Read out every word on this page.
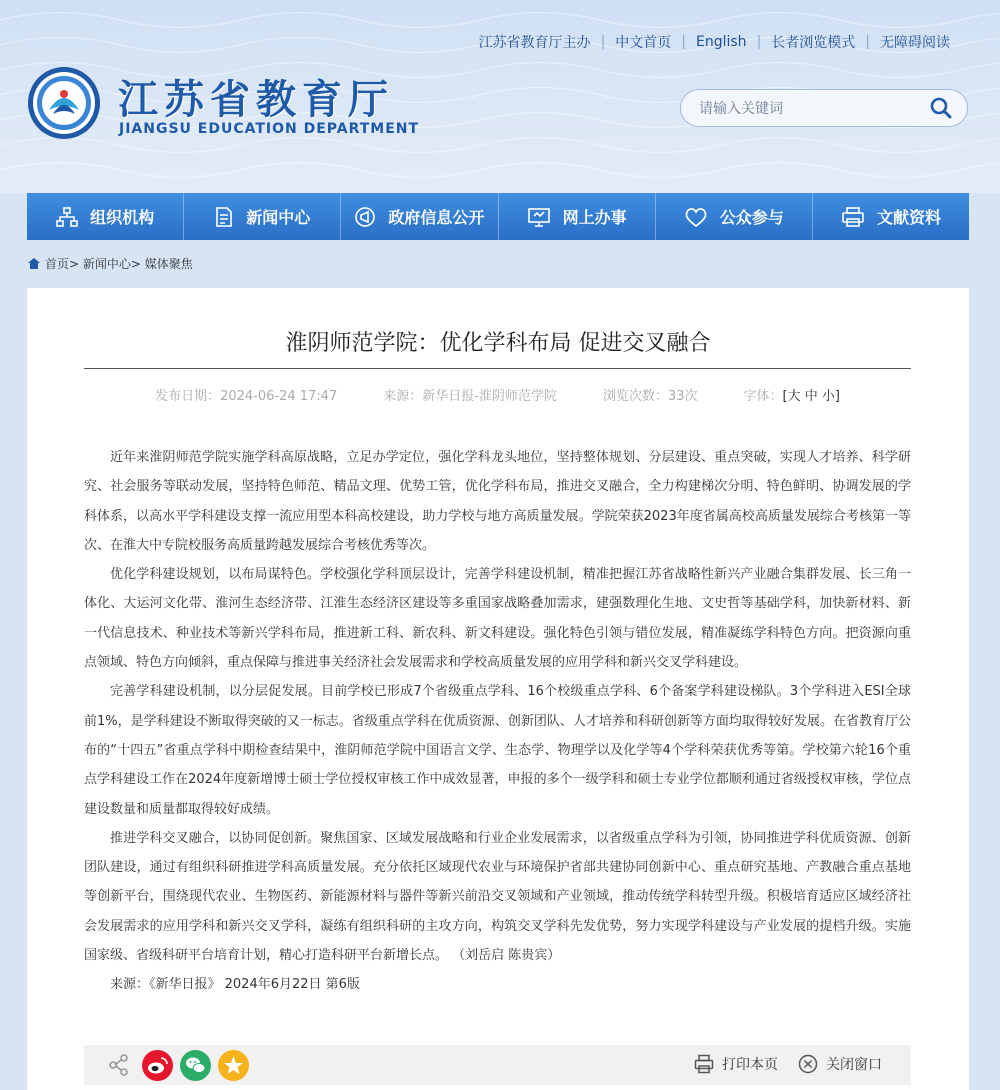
江苏省教育厅主办 | 中文首页 | English | 长者浏览模式 | 无障碍阅读
江苏省教育厅
JIANGSU EDUCATION DEPARTMENT
请输入关键词
组织机构	新闻中心	政府信息公开	网上办事	公众参与	文献资料
首页> 新闻中心> 媒体聚焦
淮阴师范学院：优化学科布局 促进交叉融合
发布日期：2024-06-24 17:47	来源：新华日报-淮阴师范学院	浏览次数：33次	字体：[大 中 小]

近年来淮阴师范学院实施学科高原战略，立足办学定位，强化学科龙头地位，坚持整体规划、分层建设、重点突破，实现人才培养、科学研究、社会服务等联动发展，坚持特色师范、精品文理、优势工管，优化学科布局，推进交叉融合，全力构建梯次分明、特色鲜明、协调发展的学科体系，以高水平学科建设支撑一流应用型本科高校建设，助力学校与地方高质量发展。学院荣获2023年度省属高校高质量发展综合考核第一等次、在淮大中专院校服务高质量跨越发展综合考核优秀等次。

优化学科建设规划，以布局谋特色。学校强化学科顶层设计，完善学科建设机制，精准把握江苏省战略性新兴产业融合集群发展、长三角一体化、大运河文化带、淮河生态经济带、江淮生态经济区建设等多重国家战略叠加需求，建强数理化生地、文史哲等基础学科，加快新材料、新一代信息技术、种业技术等新兴学科布局，推进新工科、新农科、新文科建设。强化特色引领与错位发展，精准凝练学科特色方向。把资源向重点领域、特色方向倾斜，重点保障与推进事关经济社会发展需求和学校高质量发展的应用学科和新兴交叉学科建设。

完善学科建设机制，以分层促发展。目前学校已形成7个省级重点学科、16个校级重点学科、6个备案学科建设梯队。3个学科进入ESI全球前1%，是学科建设不断取得突破的又一标志。省级重点学科在优质资源、创新团队、人才培养和科研创新等方面均取得较好发展。在省教育厅公布的“十四五”省重点学科中期检查结果中，淮阴师范学院中国语言文学、生态学、物理学以及化学等4个学科荣获优秀等第。学校第六轮16个重点学科建设工作在2024年度新增博士硕士学位授权审核工作中成效显著，申报的多个一级学科和硕士专业学位都顺利通过省级授权审核，学位点建设数量和质量都取得较好成绩。

推进学科交叉融合，以协同促创新。聚焦国家、区域发展战略和行业企业发展需求，以省级重点学科为引领，协同推进学科优质资源、创新团队建设，通过有组织科研推进学科高质量发展。充分依托区域现代农业与环境保护省部共建协同创新中心、重点研究基地、产教融合重点基地等创新平台，围绕现代农业、生物医药、新能源材料与器件等新兴前沿交叉领域和产业领域，推动传统学科转型升级。积极培育适应区域经济社会发展需求的应用学科和新兴交叉学科，凝练有组织科研的主攻方向，构筑交叉学科先发优势，努力实现学科建设与产业发展的提档升级。实施国家级、省级科研平台培育计划，精心打造科研平台新增长点。 （刘岳启 陈贵宾）

来源：《新华日报》 2024年6月22日 第6版

打印本页	关闭窗口
